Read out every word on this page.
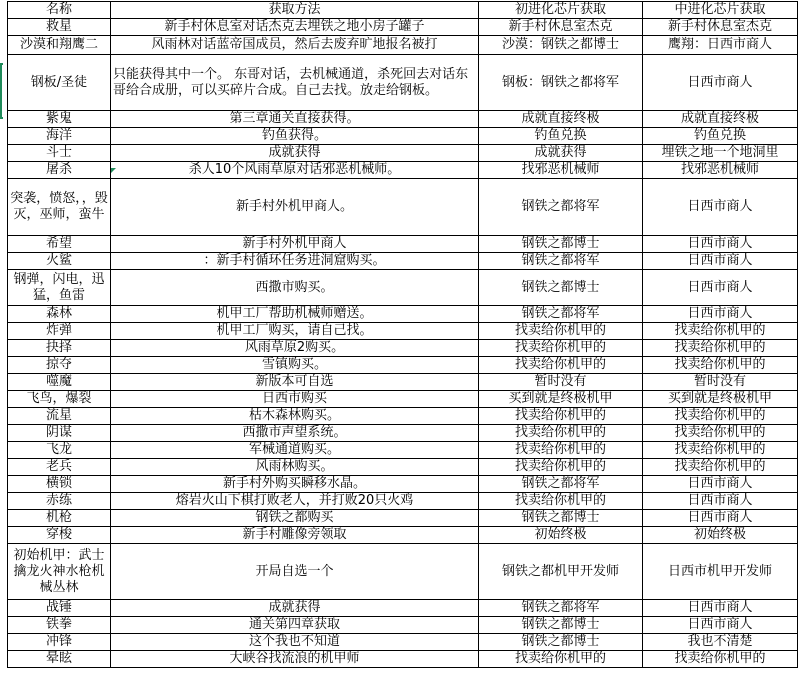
名称	获取方法	初进化芯片获取	中进化芯片获取
救星	新手村休息室对话杰克去埋铁之地小房子罐子	新手村休息室杰克	新手村休息室杰克
沙漠和翔鹰二	风雨林对话蓝帝国成员，然后去废弃旷地报名被打	沙漠：钢铁之都博士	鹰翔：日西市商人
钢板/圣徒	只能获得其中一个。 东哥对话，去机械通道，杀死回去对话东哥给合成册，可以买碎片合成。自己去找。放走给钢板。	钢板：钢铁之都将军	日西市商人
紫鬼	第三章通关直接获得。	成就直接终极	成就直接终极
海洋	钓鱼获得。	钓鱼兑换	钓鱼兑换
斗士	成就获得	成就获得	埋铁之地一个地洞里
屠杀	杀人10个风雨草原对话邪恶机械师。	找邪恶机械师	找邪恶机械师
突袭，愤怒，，毁灭，巫师，蛮牛	新手村外机甲商人。	钢铁之都将军	日西市商人
希望	新手村外机甲商人	钢铁之都博士	日西市商人
火鲨	：新手村循环任务进洞窟购买。	钢铁之都将军	日西市商人
钢弹，闪电，迅猛，鱼雷	西撒市购买。	钢铁之都博士	日西市商人
森林	机甲工厂帮助机械师赠送。	钢铁之都将军	日西市商人
炸弹	机甲工厂购买，请自己找。	找卖给你机甲的	找卖给你机甲的
抉择	风雨草原2购买。	找卖给你机甲的	找卖给你机甲的
掠夺	雪镇购买。	找卖给你机甲的	找卖给你机甲的
噬魔	新版本可自选	暂时没有	暂时没有
飞鸟，爆裂	日西市购买	买到就是终极机甲	买到就是终极机甲
流星	枯木森林购买。	找卖给你机甲的	找卖给你机甲的
阴谋	西撒市声望系统。	找卖给你机甲的	找卖给你机甲的
飞龙	军械通道购买。	找卖给你机甲的	找卖给你机甲的
老兵	风雨林购买。	找卖给你机甲的	找卖给你机甲的
横锁	新手村外购买瞬移水晶。	钢铁之都将军	日西市商人
赤练	熔岩火山下棋打败老人，并打败20只火鸡	找卖给你机甲的	日西市商人
机枪	钢铁之都购买	钢铁之都博士	日西市商人
穿梭	新手村雕像旁领取	初始终极	初始终极
初始机甲：武士擒龙火神水枪机械丛林	开局自选一个	钢铁之都机甲开发师	日西市机甲开发师
战锤	成就获得	钢铁之都将军	日西市商人
铁拳	通关第四章获取	钢铁之都博士	日西市商人
冲锋	这个我也不知道	钢铁之都博士	我也不清楚
晕眩	大峡谷找流浪的机甲师	找卖给你机甲的	找卖给你机甲的
